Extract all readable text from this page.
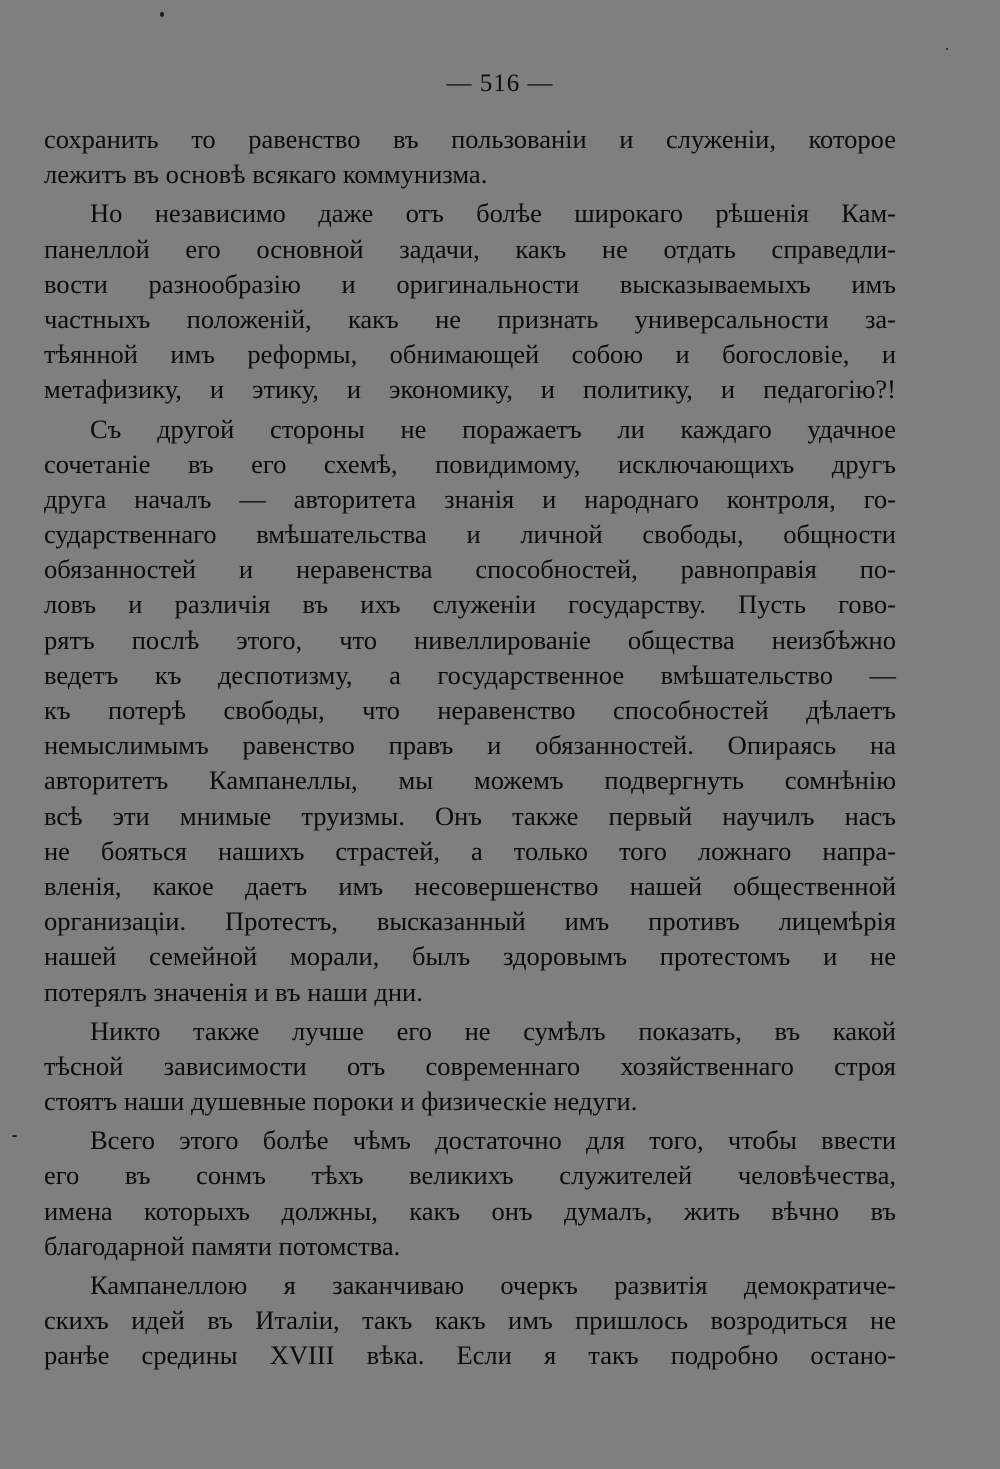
— 516 —

сохранить то равенство въ пользованіи и служеніи, которое
лежитъ въ основѣ всякаго коммунизма.

Но независимо даже отъ болѣе широкаго рѣшенія Кам-
панеллой его основной задачи, какъ не отдать справедли-
вости разнообразію и оригинальности высказываемыхъ имъ
частныхъ положеній, какъ не признать универсальности за-
тѣянной имъ реформы, обнимающей собою и богословіе, и
метафизику, и этику, и экономику, и политику, и педагогію?!

Съ другой стороны не поражаетъ ли каждаго удачное
сочетаніе въ его схемѣ, повидимому, исключающихъ другъ
друга началъ — авторитета знанія и народнаго контроля, го-
сударственнаго вмѣшательства и личной свободы, общности
обязанностей и неравенства способностей, равноправія по-
ловъ и различія въ ихъ служеніи государству. Пусть гово-
рятъ послѣ этого, что нивеллированіе общества неизбѣжно
ведетъ къ деспотизму, а государственное вмѣшательство —
къ потерѣ свободы, что неравенство способностей дѣлаетъ
немыслимымъ равенство правъ и обязанностей. Опираясь на
авторитетъ Кампанеллы, мы можемъ подвергнуть сомнѣнію
всѣ эти мнимые труизмы. Онъ также первый научилъ насъ
не бояться нашихъ страстей, а только того ложнаго напра-
вленія, какое даетъ имъ несовершенство нашей общественной
организаціи. Протестъ, высказанный имъ противъ лицемѣрія
нашей семейной морали, былъ здоровымъ протестомъ и не
потерялъ значенія и въ наши дни.

Никто также лучше его не сумѣлъ показать, въ какой
тѣсной зависимости отъ современнаго хозяйственнаго строя
стоятъ наши душевные пороки и физическіе недуги.

Всего этого болѣе чѣмъ достаточно для того, чтобы ввести
его въ сонмъ тѣхъ великихъ служителей человѣчества,
имена которыхъ должны, какъ онъ думалъ, жить вѣчно въ
благодарной памяти потомства.

Кампанеллою я заканчиваю очеркъ развитія демократиче-
скихъ идей въ Италіи, такъ какъ имъ пришлось возродиться не
ранѣе средины XVIII вѣка. Если я такъ подробно остано-
